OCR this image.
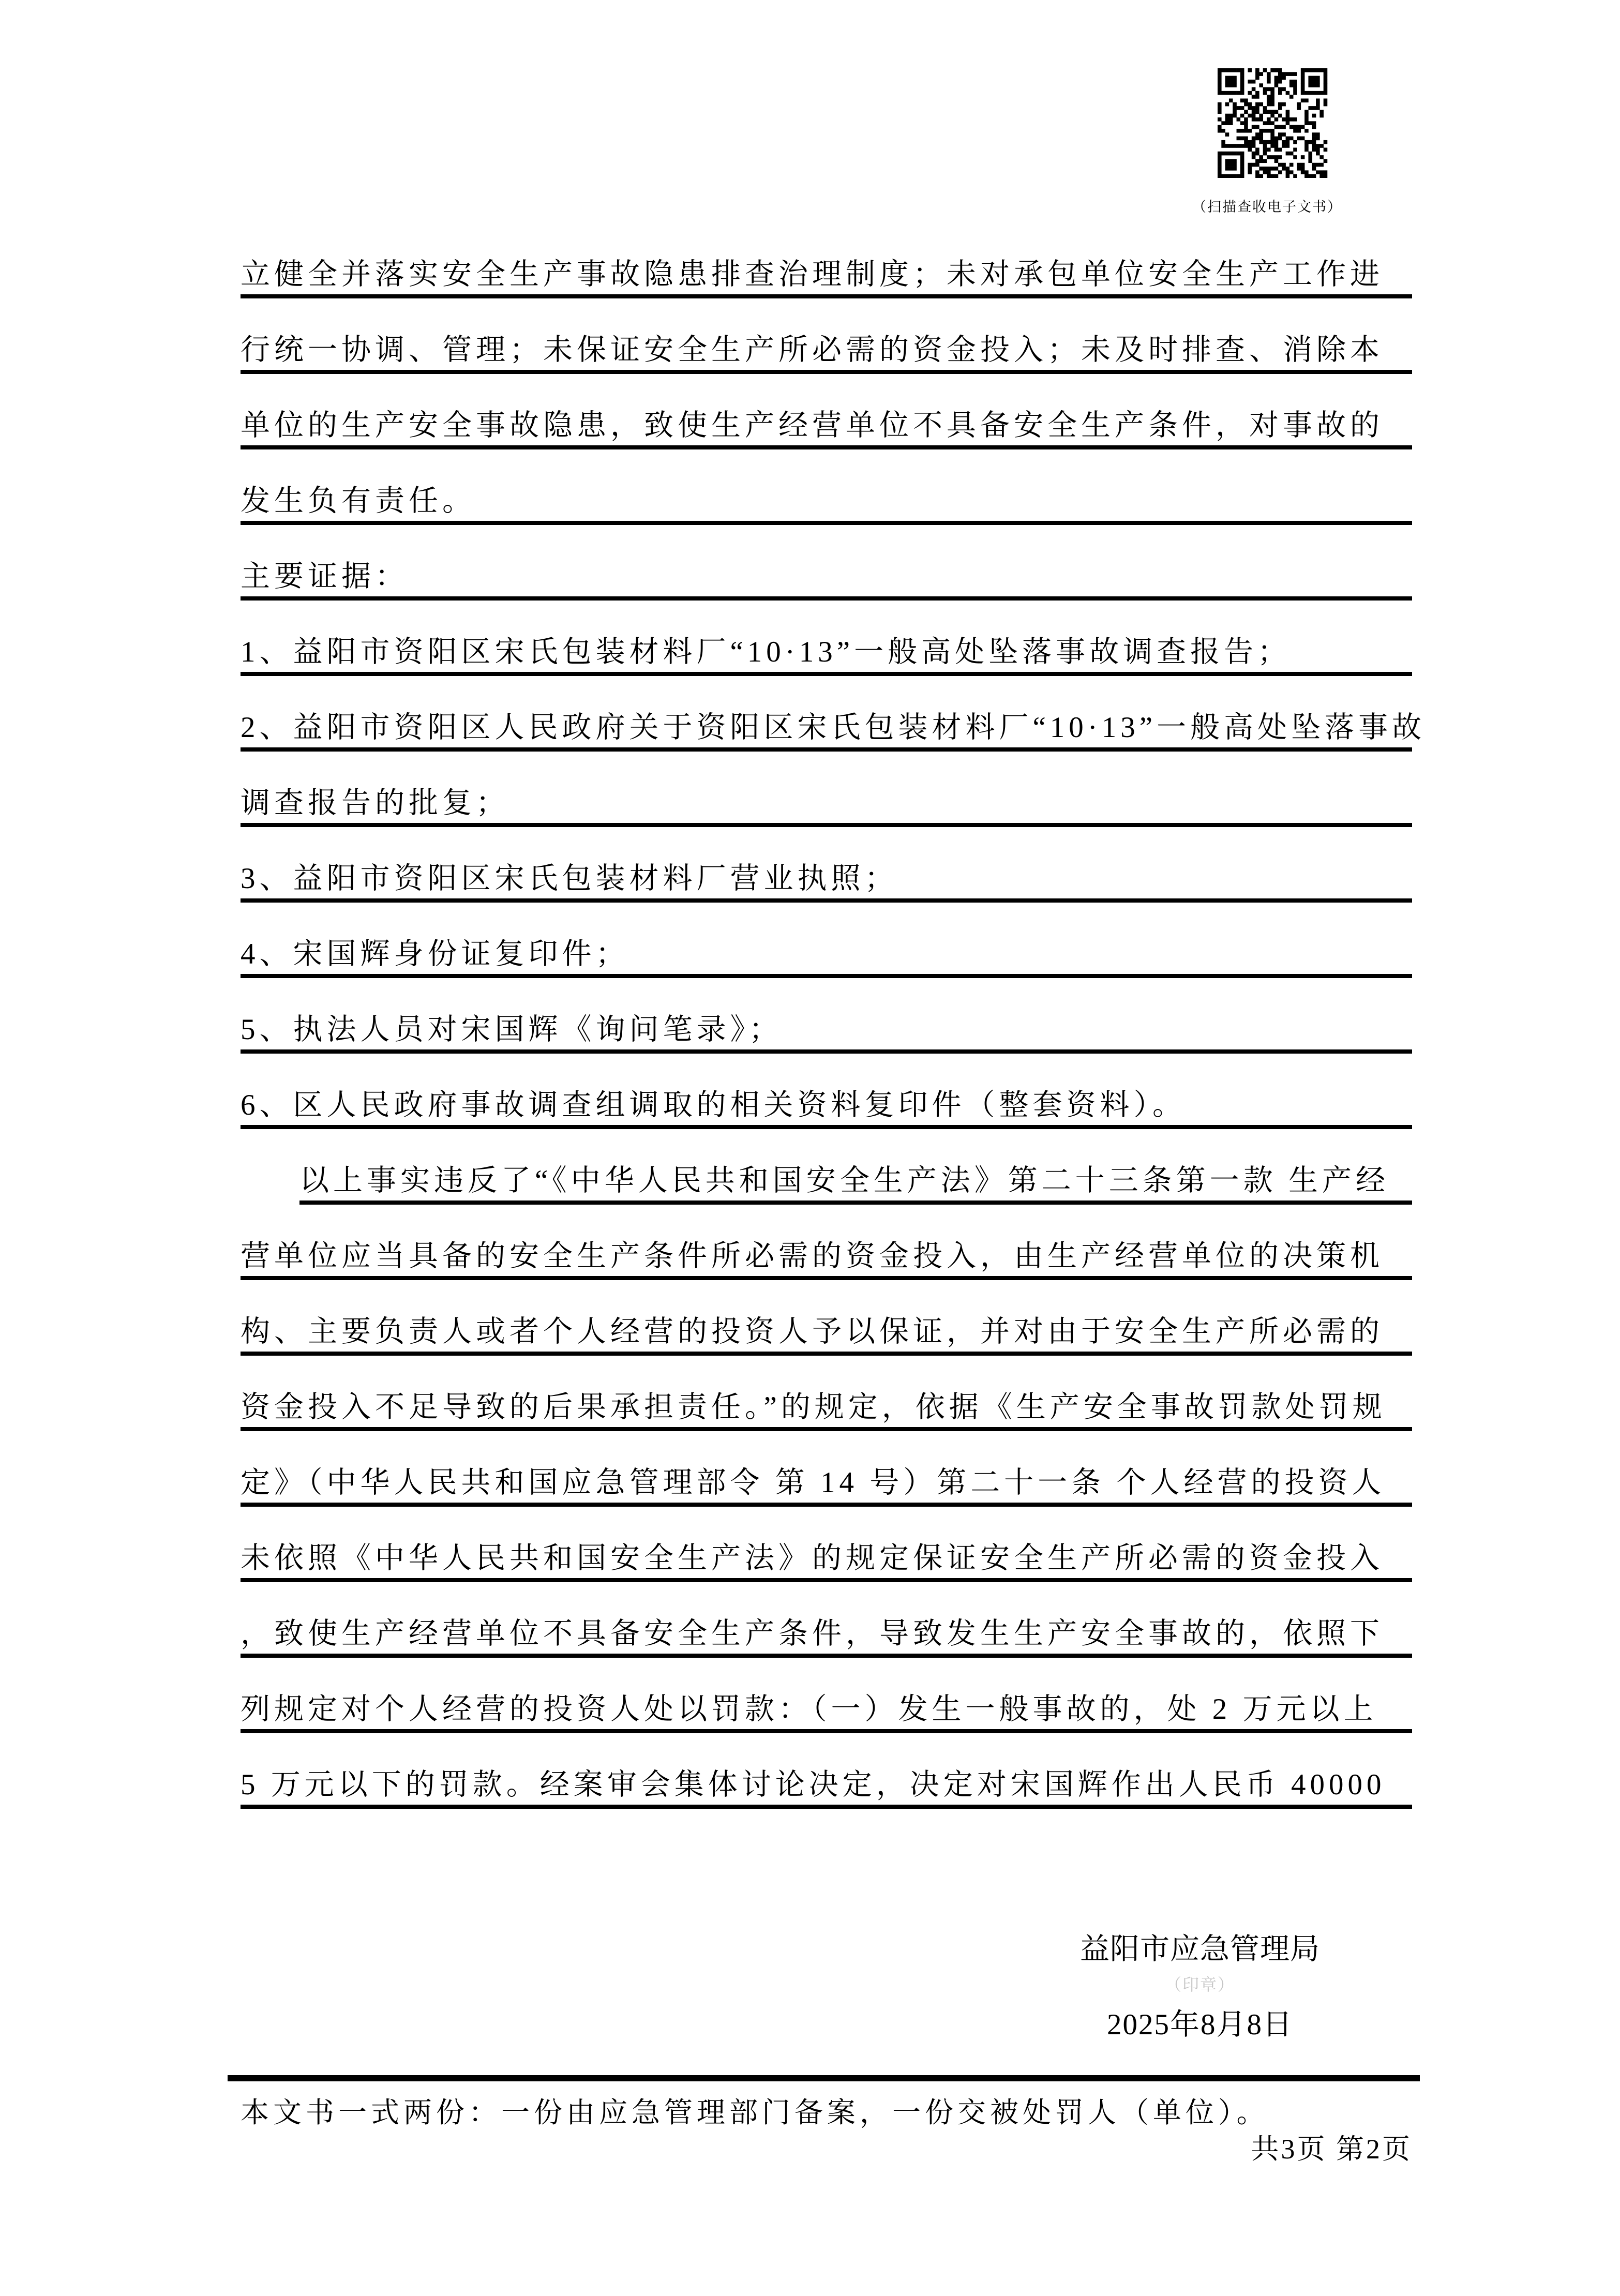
（扫描查收电子文书）
立健全并落实安全生产事故隐患排查治理制度；未对承包单位安全生产工作进
行统一协调、管理；未保证安全生产所必需的资金投入；未及时排查、消除本
单位的生产安全事故隐患，致使生产经营单位不具备安全生产条件，对事故的
发生负有责任。
主要证据：
1、益阳市资阳区宋氏包装材料厂“10·13”一般高处坠落事故调查报告；
2、益阳市资阳区人民政府关于资阳区宋氏包装材料厂“10·13”一般高处坠落事故
调查报告的批复；
3、益阳市资阳区宋氏包装材料厂营业执照；
4、宋国辉身份证复印件；
5、执法人员对宋国辉《询问笔录》；
6、区人民政府事故调查组调取的相关资料复印件（整套资料）。
以上事实违反了“《中华人民共和国安全生产法》第二十三条第一款 生产经
营单位应当具备的安全生产条件所必需的资金投入，由生产经营单位的决策机
构、主要负责人或者个人经营的投资人予以保证，并对由于安全生产所必需的
资金投入不足导致的后果承担责任。”的规定，依据《生产安全事故罚款处罚规
定》（中华人民共和国应急管理部令 第 14 号）第二十一条 个人经营的投资人
未依照《中华人民共和国安全生产法》的规定保证安全生产所必需的资金投入
，致使生产经营单位不具备安全生产条件，导致发生生产安全事故的，依照下
列规定对个人经营的投资人处以罚款：（一）发生一般事故的，处 2 万元以上
5 万元以下的罚款。经案审会集体讨论决定，决定对宋国辉作出人民币 40000
益阳市应急管理局
（印章）
2025年8月8日
本文书一式两份：一份由应急管理部门备案，一份交被处罚人（单位）。
共3页 第2页
